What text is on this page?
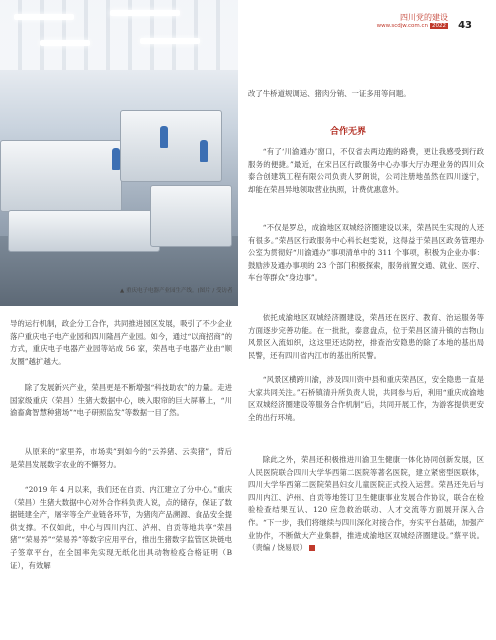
▲ 重庆电子电器产业园生产线。(图片 / 受访者
四川党的建设
www.scdjw.com.cn 2022 43

改了牛桥道规调运、猪肉分销、一证多用等问题。

合作无界

“有了‘川渝通办’窗口，不仅省去两边跑的路费，更让我感受到行政服务的便捷。”最近，在宋吕区行政服务中心办事大厅办理业务的四川众泰合创建筑工程有限公司负责人罗朗说，公司注册地虽然在四川遂宁，却能在荣昌异地领取营业执照，计费优惠意外。

“不仅是罗总，成渝地区双城经济圈建设以来，荣昌民生实现的人还有很多。”荣昌区行政服务中心科长赵雯说，这得益于荣昌区政务管理办公室为贯彻好“川渝通办”事项清单中的 311 个事项，积极为企业办事：鼓励涉及通办事项的 23 个部门积极探索，服务前置交通、就业、医疗、车台等群众“身边事”。

依托成渝地区双城经济圈建设，荣昌还在医疗、教育、治运服务等方面逐步完善功能。在一批批，泰意盘点，位于荣昌区清升镇的吉物山风景区入流如织，这这里还达防控，排查治安隐患的除了本地的基出局民警，还有四川省内江市的基出所民警。

“风景区横跨川渝，涉及四川资中县和重庆荣昌区，安全隐患一直是大家共同关注。”石桥镇清升所负责人说，共同参与后，利用“重庆成渝地区双城经济圈建设等服务合作机制”后，共同开展工作，为游客提供更安全的出行环境。

除此之外，荣昌还积极推进川渝卫生健康一体化协同创新发展，区人民医院联合四川大学华西第二医院等著名医院，建立紧密型医联体，四川大学华西第二医院荣昌妇女儿童医院正式投入运营。荣昌还先后与四川内江、泸州、自贡等地签订卫生健康事业发展合作协议，联合在检验检查结果互认、120 应急救治联动、人才交流等方面展开深入合作。“下一步，我们将继续与四川深化对接合作，夯实平台基础，加强产业协作，不断做大产业集群，推进成渝地区双城经济圈建设。”蔡平说。（责编 / 饶易辰）

导的运行机制，政企分工合作，共同推进园区发展，吸引了不少企业落户重庆电子电产业园和四川隆昌产业园。如今，通过“以商招商”的方式，重庆电子电器产业园等站成 56 家，荣昌电子电器产业由“顺友圈”越扩越大。

除了发展新兴产业，荣昌更是不断增强“科技助农”的力量。走进国家级重庆（荣昌）生猪大数据中心，映入眼帘的巨大屏幕上，“川渝畜禽智慧种猪场”“电子研照监发”等数据一目了然。

从原来的“家里养，市场卖”到如今的“云养猪、云卖猪”，背后是荣昌发展数字农业的不懈努力。

“2019 年 4 月以来，我们还在自贡、内江建立了分中心。”重庆（荣昌）生猪大数据中心对外合作科负责人说，点的储存，保证了数据链建全产，屠宰等全产业链各环节，为猪肉产品溯源、食品安全提供支撑。不仅如此，中心与四川内江、泸州、自贡等地共享“荣昌猪”“荣易养”“荣易养”等数字应用平台，推出生猪数字监管区块链电子签章平台，在全国率先实现无纸化出具动物检疫合格证明（B 证），有效解
